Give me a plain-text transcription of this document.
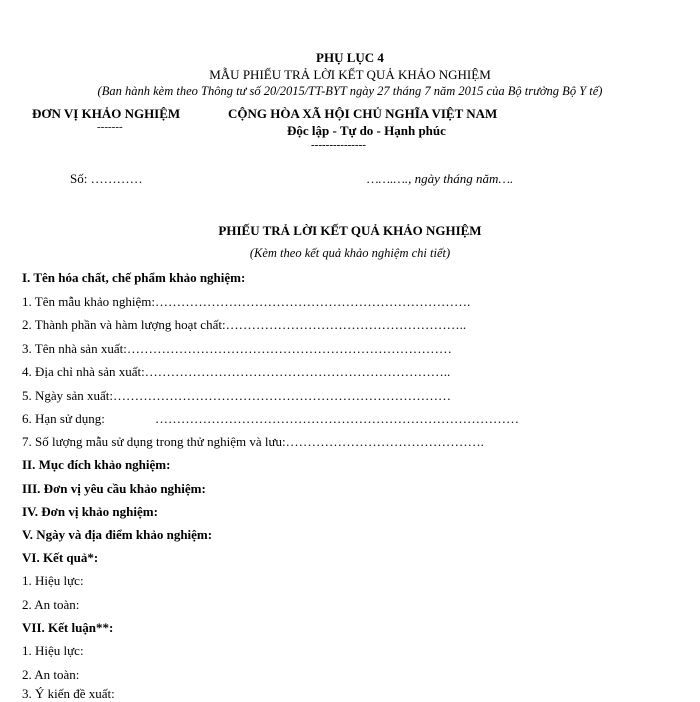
PHỤ LỤC 4
MẪU PHIẾU TRẢ LỜI KẾT QUẢ KHẢO NGHIỆM
(Ban hành kèm theo Thông tư số 20/2015/TT-BYT ngày 27 tháng 7 năm 2015 của Bộ trưởng Bộ Y tế)
ĐƠN VỊ KHẢO NGHIỆM
-------
CỘNG HÒA XÃ HỘI CHỦ NGHĨA VIỆT NAM
Độc lập - Tự do - Hạnh phúc
---------------
Số: …………	…….…., ngày tháng năm….
PHIẾU TRẢ LỜI KẾT QUẢ KHẢO NGHIỆM
(Kèm theo kết quả khảo nghiệm chi tiết)
I. Tên hóa chất, chế phẩm khảo nghiệm:
1. Tên mẫu khảo nghiệm:……………………………………………………………….
2. Thành phần và hàm lượng hoạt chất:………………………………………………..
3. Tên nhà sản xuất:…………………………………………………………………
4. Địa chỉ nhà sản xuất:……………………………………………………………..
5. Ngày sản xuất:……………………………………………………………………
6. Hạn sử dụng:	…………………………………………………………………………
7. Số lượng mẫu sử dụng trong thử nghiệm và lưu:……………………………………….
II. Mục đích khảo nghiệm:
III. Đơn vị yêu cầu khảo nghiệm:
IV. Đơn vị khảo nghiệm:
V. Ngày và địa điểm khảo nghiệm:
VI. Kết quả*:
1. Hiệu lực:
2. An toàn:
VII. Kết luận**:
1. Hiệu lực:
2. An toàn:
3. Ý kiến đề xuất:
